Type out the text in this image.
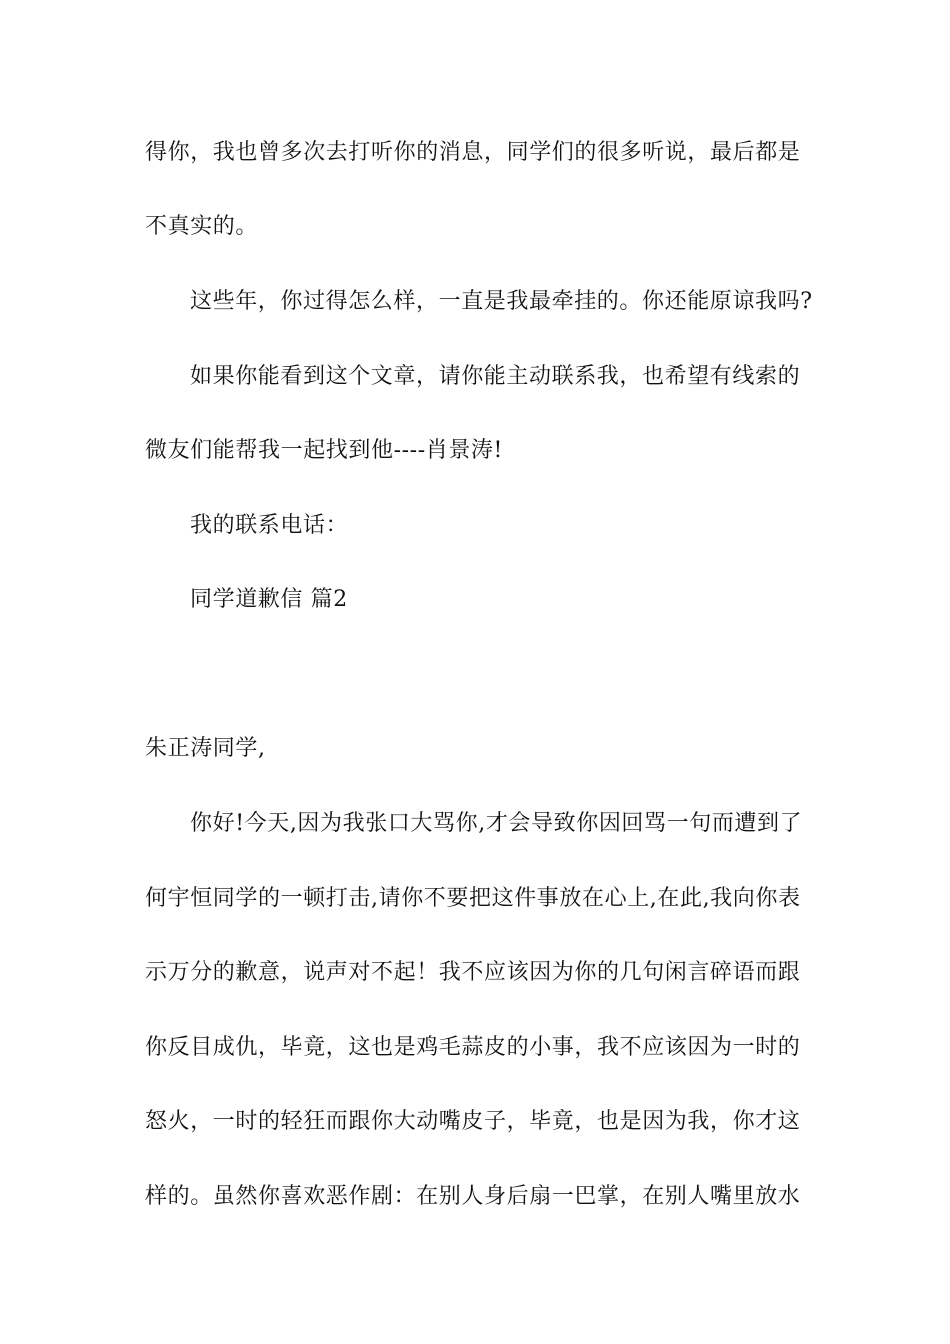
得你，我也曾多次去打听你的消息，同学们的很多听说，最后都是
不真实的。
这些年，你过得怎么样，一直是我最牵挂的。你还能原谅我吗?
如果你能看到这个文章，请你能主动联系我，也希望有线索的
微友们能帮我一起找到他----肖景涛!
我的联系电话：
同学道歉信 篇2
朱正涛同学,
你好!今天,因为我张口大骂你,才会导致你因回骂一句而遭到了
何宇恒同学的一顿打击,请你不要把这件事放在心上,在此,我向你表
示万分的歉意，说声对不起！我不应该因为你的几句闲言碎语而跟
你反目成仇，毕竟，这也是鸡毛蒜皮的小事，我不应该因为一时的
怒火，一时的轻狂而跟你大动嘴皮子，毕竟，也是因为我，你才这
样的。虽然你喜欢恶作剧：在别人身后扇一巴掌，在别人嘴里放水
